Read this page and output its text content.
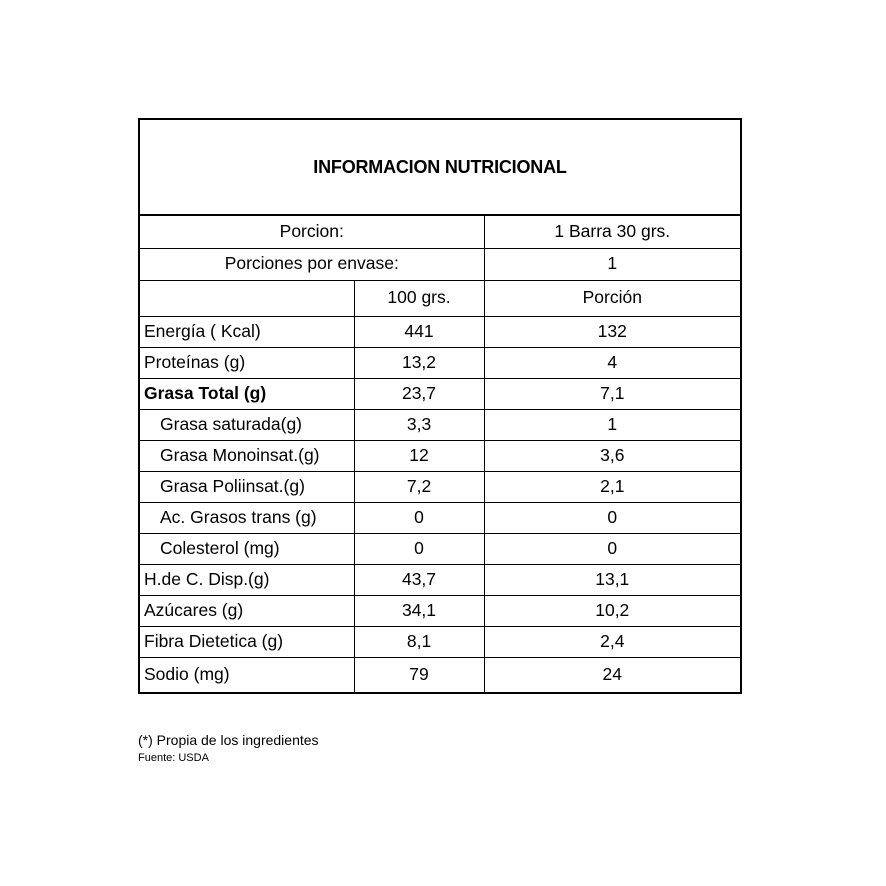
INFORMACION NUTRICIONAL
Porcion:		1 Barra 30 grs.
Porciones por envase:		1
	100 grs.	Porción
Energía ( Kcal)	441	132
Proteínas (g)	13,2	4
Grasa Total (g)	23,7	7,1
Grasa saturada(g)	3,3	1
Grasa Monoinsat.(g)	12	3,6
Grasa Poliinsat.(g)	7,2	2,1
Ac. Grasos trans (g)	0	0
Colesterol (mg)	0	0
H.de C. Disp.(g)	43,7	13,1
Azúcares (g)	34,1	10,2
Fibra Dietetica (g)	8,1	2,4
Sodio (mg)	79	24
(*) Propia de los ingredientes
Fuente: USDA
